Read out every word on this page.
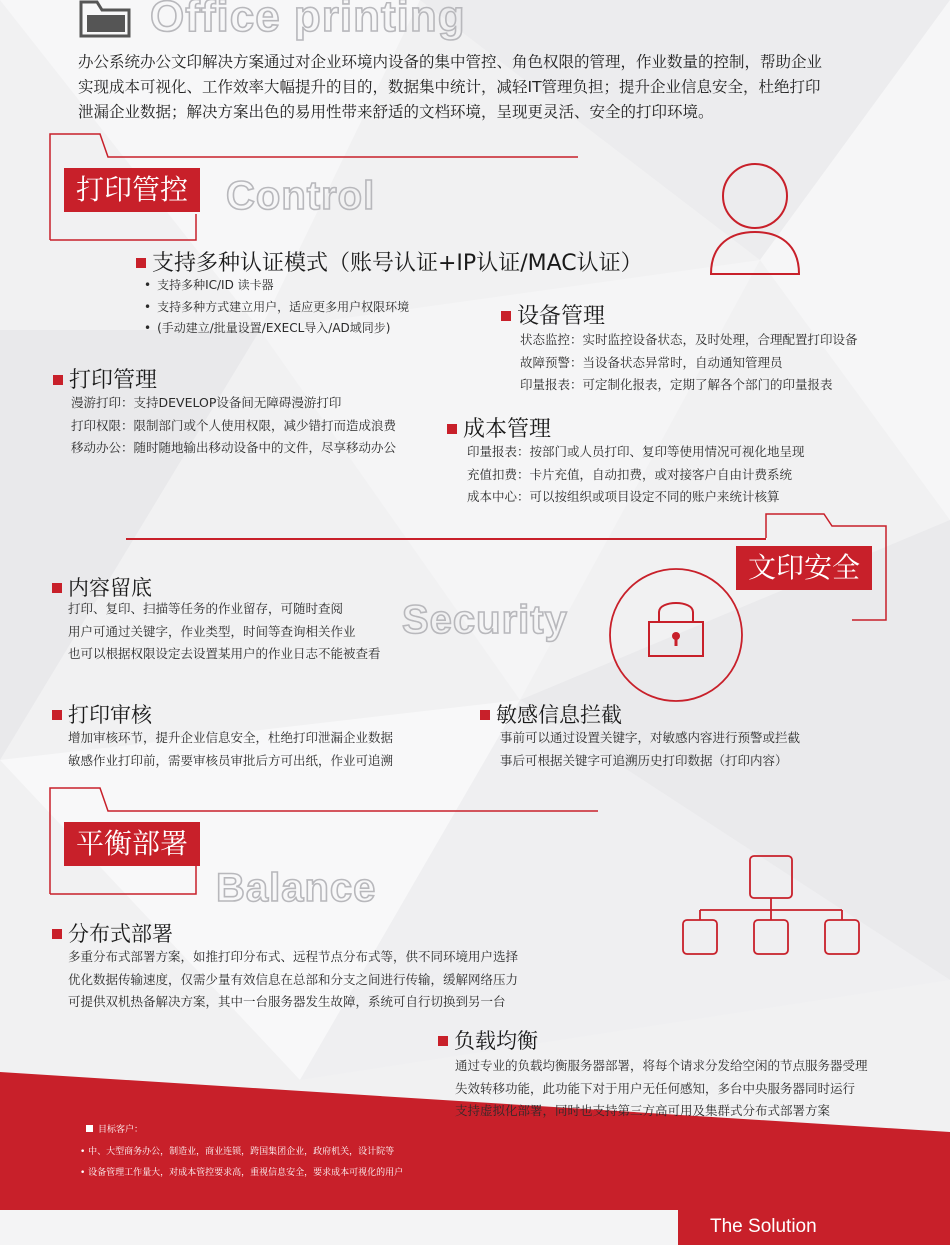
Office printing
办公系统办公文印解决方案通过对企业环境内设备的集中管控、角色权限的管理，作业数量的控制，帮助企业
实现成本可视化、工作效率大幅提升的目的，数据集中统计，减轻IT管理负担；提升企业信息安全，杜绝打印
泄漏企业数据；解决方案出色的易用性带来舒适的文档环境，呈现更灵活、安全的打印环境。
打印管控 Control
支持多种认证模式（账号认证+IP认证/MAC认证）
• 支持多种IC/ID 读卡器
• 支持多种方式建立用户，适应更多用户权限环境
• (手动建立/批量设置/EXECL导入/AD域同步)	设备管理
状态监控：实时监控设备状态，及时处理，合理配置打印设备
故障预警：当设备状态异常时，自动通知管理员
印量报表：可定制化报表，定期了解各个部门的印量报表
打印管理
漫游打印：支持DEVELOP设备间无障碍漫游打印
打印权限：限制部门或个人使用权限，减少错打而造成浪费
移动办公：随时随地输出移动设备中的文件，尽享移动办公
成本管理
印量报表：按部门或人员打印、复印等使用情况可视化地呈现
充值扣费：卡片充值，自动扣费，或对接客户自由计费系统
成本中心：可以按组织或项目设定不同的账户来统计核算
文印安全
Security
内容留底
打印、复印、扫描等任务的作业留存，可随时查阅
用户可通过关键字，作业类型，时间等查询相关作业
也可以根据权限设定去设置某用户的作业日志不能被查看
打印审核
增加审核环节，提升企业信息安全，杜绝打印泄漏企业数据
敏感作业打印前，需要审核员审批后方可出纸，作业可追溯
敏感信息拦截
事前可以通过设置关键字，对敏感内容进行预警或拦截
事后可根据关键字可追溯历史打印数据（打印内容）
平衡部署
Balance
分布式部署
多重分布式部署方案，如推打印分布式、远程节点分布式等，供不同环境用户选择
优化数据传输速度，仅需少量有效信息在总部和分支之间进行传输，缓解网络压力
可提供双机热备解决方案，其中一台服务器发生故障，系统可自行切换到另一台
负载均衡
通过专业的负载均衡服务器部署，将每个请求分发给空闲的节点服务器受理
失效转移功能，此功能下对于用户无任何感知，多台中央服务器同时运行
支持虚拟化部署，同时也支持第三方高可用及集群式分布式部署方案
目标客户：
• 中、大型商务办公，制造业，商业连锁，跨国集团企业，政府机关，设计院等
• 设备管理工作量大，对成本管控要求高，重视信息安全，要求成本可视化的用户
The Solution
